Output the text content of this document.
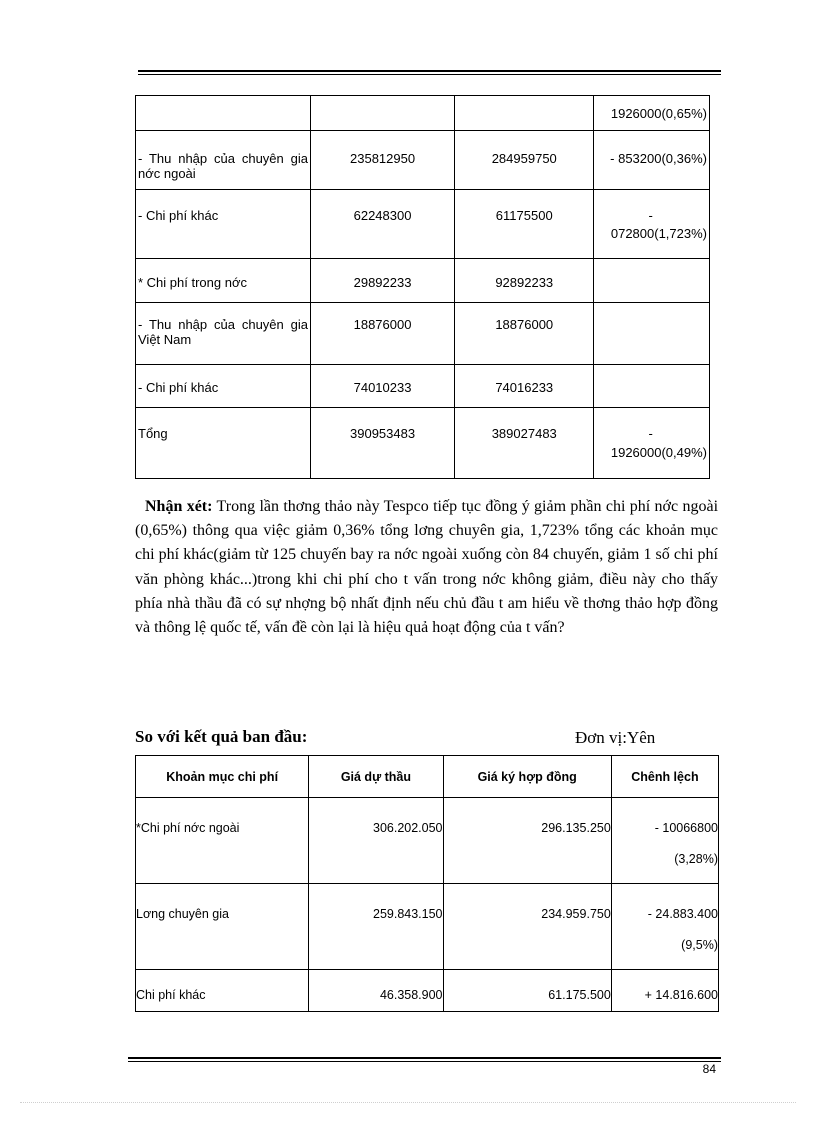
			1926000(0,65%)
- Thu nhập của chuyên gia nớc ngoài	235812950	284959750	- 853200(0,36%)
- Chi phí khác	62248300	61175500	-
072800(1,723%)

* Chi phí trong nớc	29892233	92892233	
- Thu nhập của chuyên gia Việt Nam	18876000	18876000	
- Chi phí khác	74010233	74016233	
Tổng	390953483	389027483	-
1926000(0,49%)
Nhận xét: Trong lần thơng thảo này Tespco tiếp tục đồng ý giảm phần chi phí nớc ngoài (0,65%) thông qua việc giảm 0,36% tổng lơng chuyên gia, 1,723% tổng các khoản mục chi phí khác(giảm từ 125 chuyến bay ra nớc ngoài xuống còn 84 chuyến, giảm 1 số chi phí văn phòng khác...)trong khi chi phí cho t vấn trong nớc không giảm, điều này cho thấy phía nhà thầu đã có sự nhợng bộ nhất định nếu chủ đầu t am hiểu về thơng thảo hợp đồng và thông lệ quốc tế, vấn đề còn lại là hiệu quả hoạt động của t vấn?
So với kết quả ban đầu:	Đơn vị:Yên
Khoản mục chi phí	Giá dự thầu	Giá ký hợp đồng	Chênh lệch

*Chi phí nớc ngoài	306.202.050	296.135.250	- 10066800
(3,28%)

Lơng chuyên gia	259.843.150	234.959.750	- 24.883.400
(9,5%)

Chi phí khác	46.358.900	61.175.500	+ 14.816.600
84
